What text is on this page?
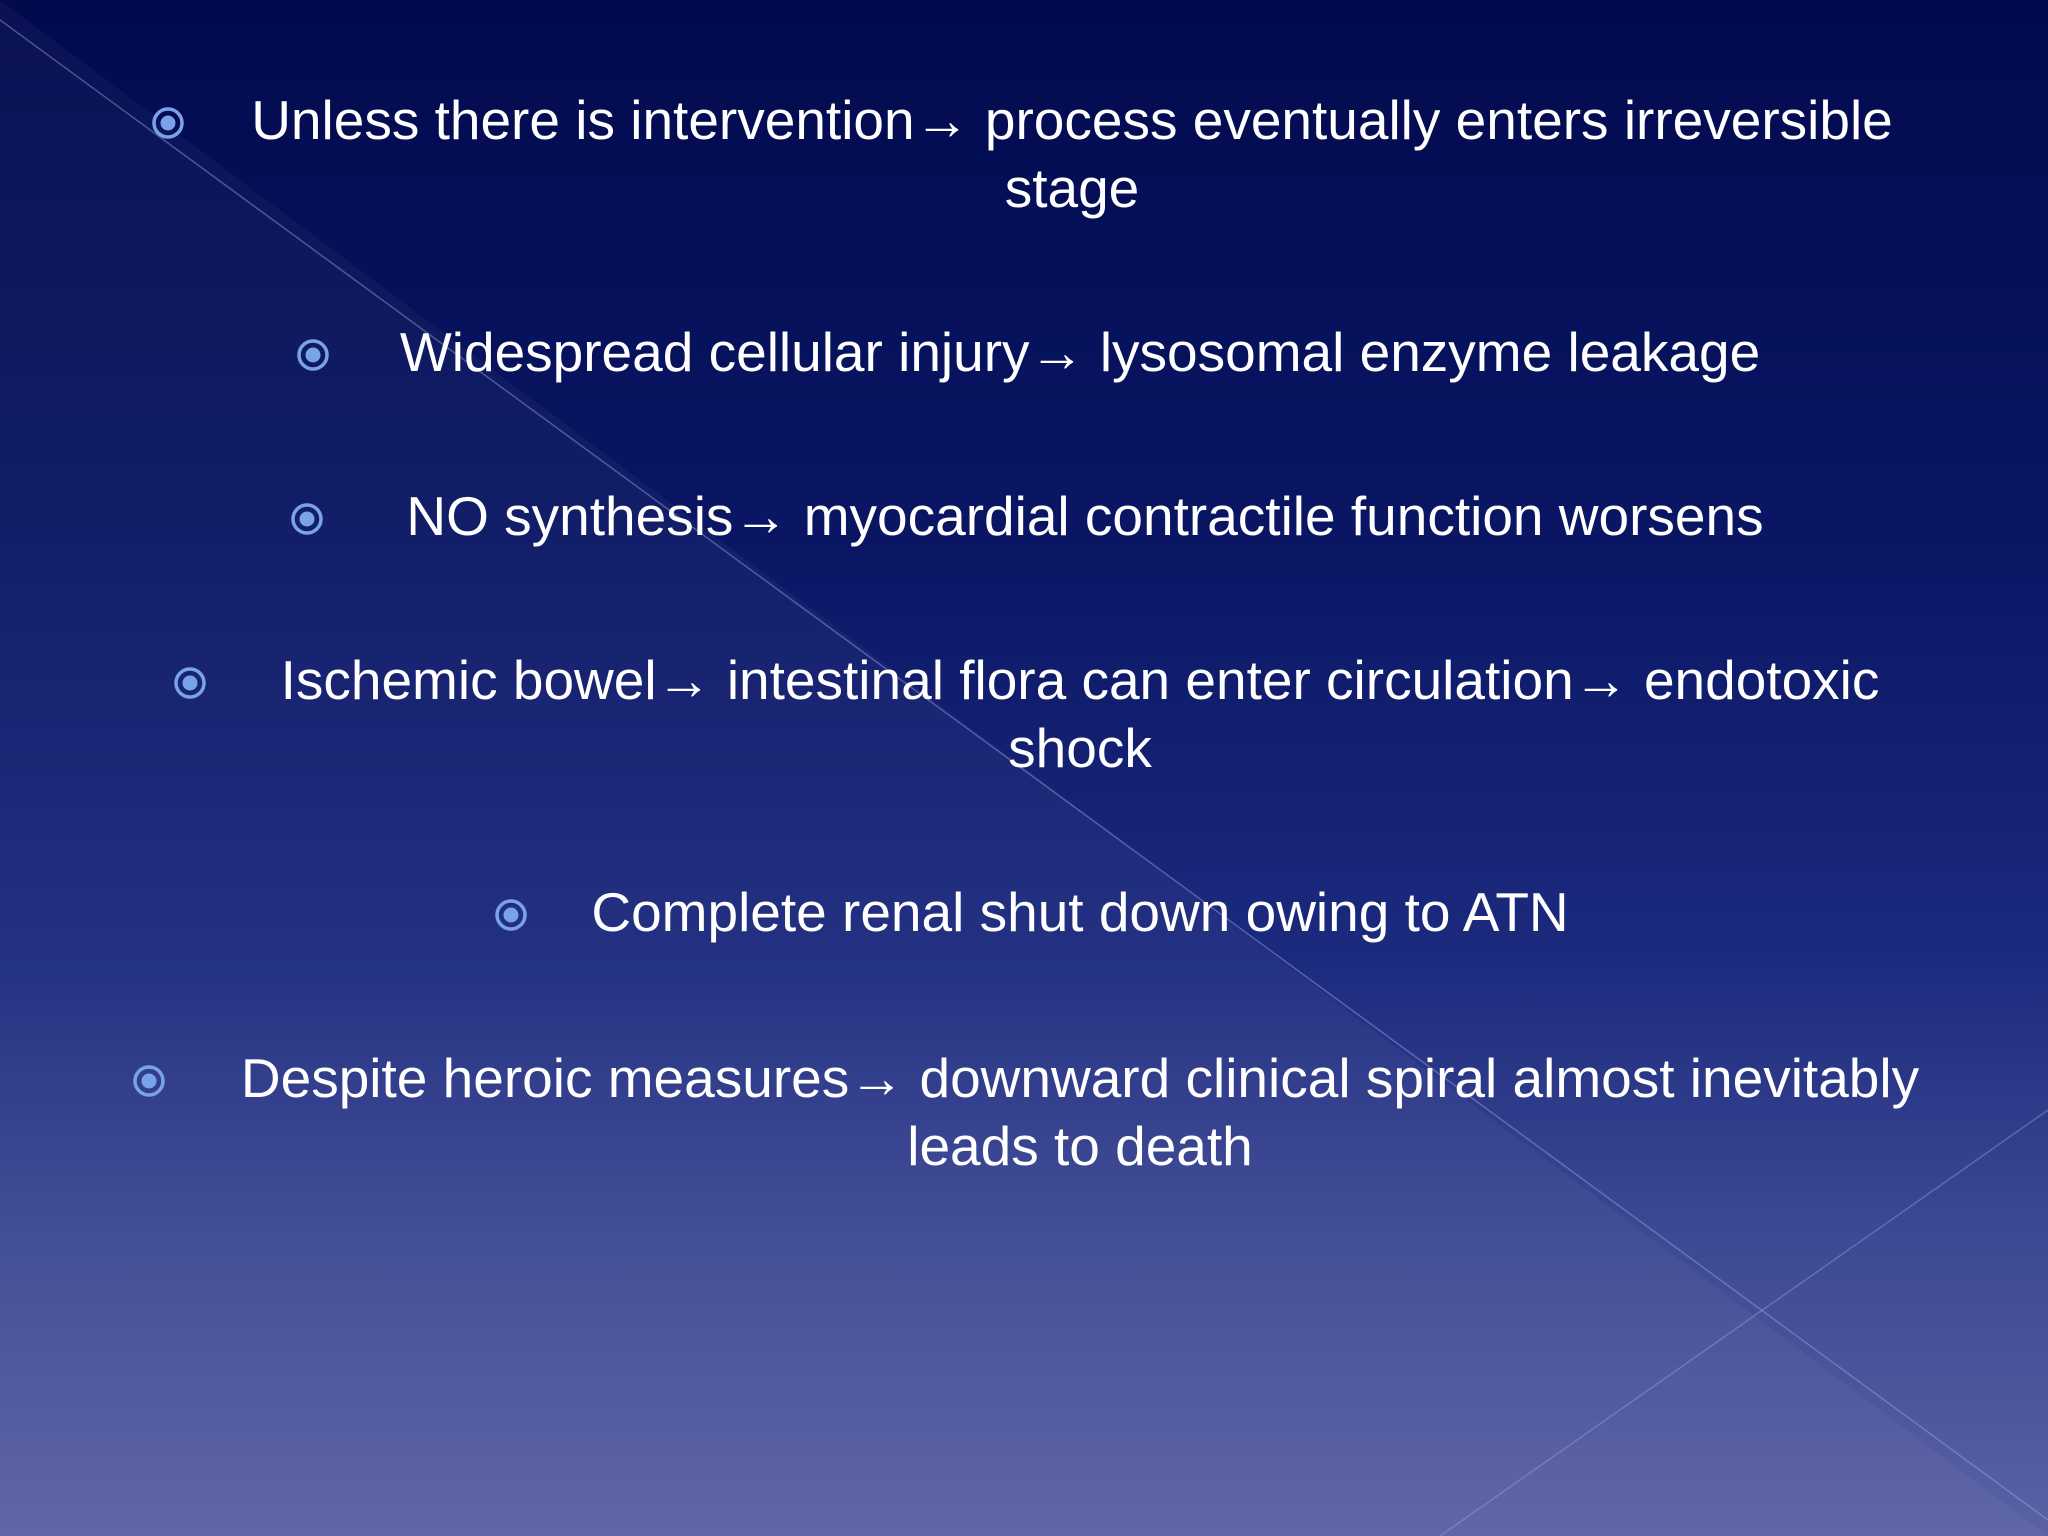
Unless there is intervention→ process eventually enters irreversible
stage
Widespread cellular injury→ lysosomal enzyme leakage
NO synthesis→ myocardial contractile function worsens
Ischemic bowel→ intestinal flora can enter circulation→ endotoxic
shock
Complete renal shut down owing to ATN
Despite heroic measures→ downward clinical spiral almost inevitably
leads to death
